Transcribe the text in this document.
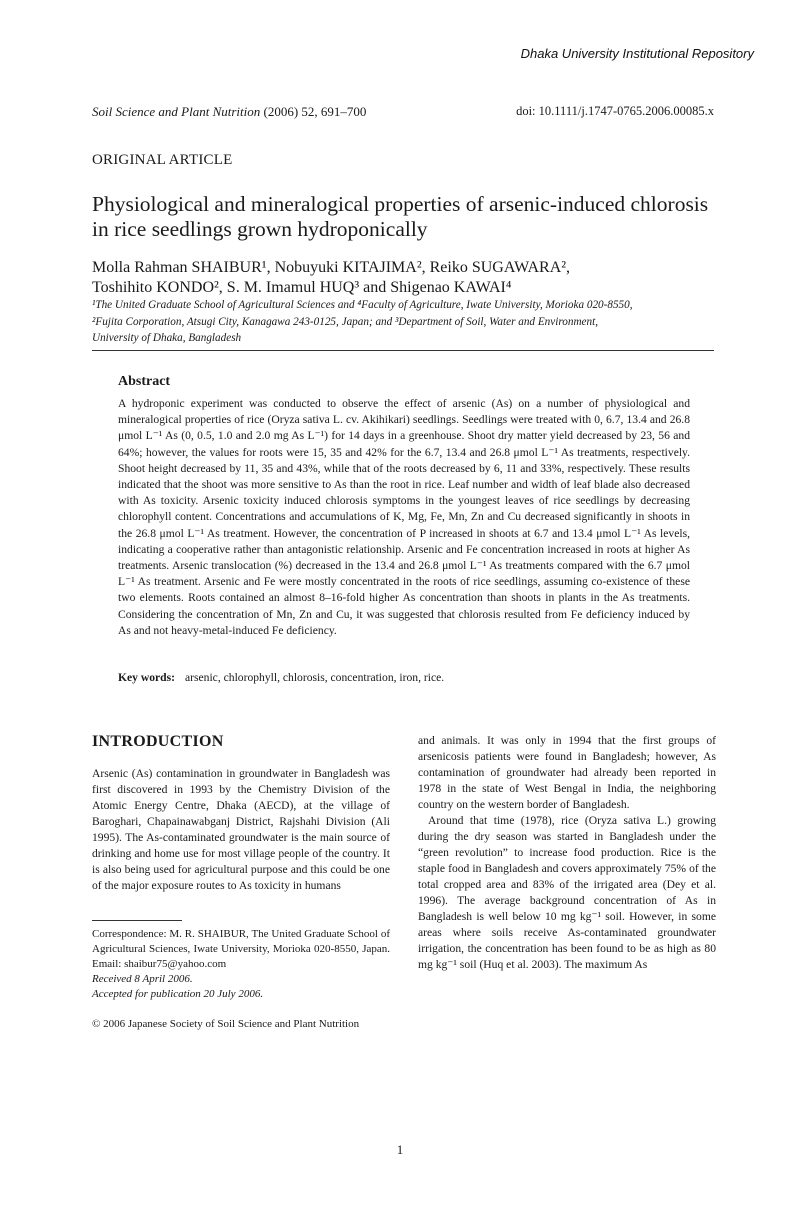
Dhaka University Institutional Repository
Soil Science and Plant Nutrition (2006) 52, 691–700	doi: 10.1111/j.1747-0765.2006.00085.x
ORIGINAL ARTICLE
Physiological and mineralogical properties of arsenic-induced chlorosis in rice seedlings grown hydroponically
Molla Rahman SHAIBUR¹, Nobuyuki KITAJIMA², Reiko SUGAWARA²,
Toshihito KONDO², S. M. Imamul HUQ³ and Shigenao KAWAI⁴
¹The United Graduate School of Agricultural Sciences and ⁴Faculty of Agriculture, Iwate University, Morioka 020-8550,
²Fujita Corporation, Atsugi City, Kanagawa 243-0125, Japan; and ³Department of Soil, Water and Environment,
University of Dhaka, Bangladesh
Abstract
A hydroponic experiment was conducted to observe the effect of arsenic (As) on a number of physiological and mineralogical properties of rice (Oryza sativa L. cv. Akihikari) seedlings. Seedlings were treated with 0, 6.7, 13.4 and 26.8 μmol L⁻¹ As (0, 0.5, 1.0 and 2.0 mg As L⁻¹) for 14 days in a greenhouse. Shoot dry matter yield decreased by 23, 56 and 64%; however, the values for roots were 15, 35 and 42% for the 6.7, 13.4 and 26.8 μmol L⁻¹ As treatments, respectively. Shoot height decreased by 11, 35 and 43%, while that of the roots decreased by 6, 11 and 33%, respectively. These results indicated that the shoot was more sensitive to As than the root in rice. Leaf number and width of leaf blade also decreased with As toxicity. Arsenic toxicity induced chlorosis symptoms in the youngest leaves of rice seedlings by decreasing chlorophyll content. Concentrations and accumulations of K, Mg, Fe, Mn, Zn and Cu decreased significantly in shoots in the 26.8 μmol L⁻¹ As treatment. However, the concentration of P increased in shoots at 6.7 and 13.4 μmol L⁻¹ As levels, indicating a cooperative rather than antagonistic relationship. Arsenic and Fe concentration increased in roots at higher As treatments. Arsenic translocation (%) decreased in the 13.4 and 26.8 μmol L⁻¹ As treatments compared with the 6.7 μmol L⁻¹ As treatment. Arsenic and Fe were mostly concentrated in the roots of rice seedlings, assuming co-existence of these two elements. Roots contained an almost 8–16-fold higher As concentration than shoots in plants in the As treatments. Considering the concentration of Mn, Zn and Cu, it was suggested that chlorosis resulted from Fe deficiency induced by As and not heavy-metal-induced Fe deficiency.
Key words: arsenic, chlorophyll, chlorosis, concentration, iron, rice.
INTRODUCTION

Arsenic (As) contamination in groundwater in Bangladesh was first discovered in 1993 by the Chemistry Division of the Atomic Energy Centre, Dhaka (AECD), at the village of Baroghari, Chapainawabganj District, Rajshahi Division (Ali 1995). The As-contaminated groundwater is the main source of drinking and home use for most village people of the country. It is also being used for agricultural purpose and this could be one of the major exposure routes to As toxicity in humans

and animals. It was only in 1994 that the first groups of arsenicosis patients were found in Bangladesh; however, As contamination of groundwater had already been reported in 1978 in the state of West Bengal in India, the neighboring country on the western border of Bangladesh.

Around that time (1978), rice (Oryza sativa L.) growing during the dry season was started in Bangladesh under the “green revolution” to increase food production. Rice is the staple food in Bangladesh and covers approximately 75% of the total cropped area and 83% of the irrigated area (Dey et al. 1996). The average background concentration of As in Bangladesh is well below 10 mg kg⁻¹ soil. However, in some areas where soils receive As-contaminated groundwater irrigation, the concentration has been found to be as high as 80 mg kg⁻¹ soil (Huq et al. 2003). The maximum As

Correspondence: M. R. SHAIBUR, The United Graduate School of Agricultural Sciences, Iwate University, Morioka 020-8550, Japan. Email: shaibur75@yahoo.com
Received 8 April 2006.
Accepted for publication 20 July 2006.
© 2006 Japanese Society of Soil Science and Plant Nutrition
1
